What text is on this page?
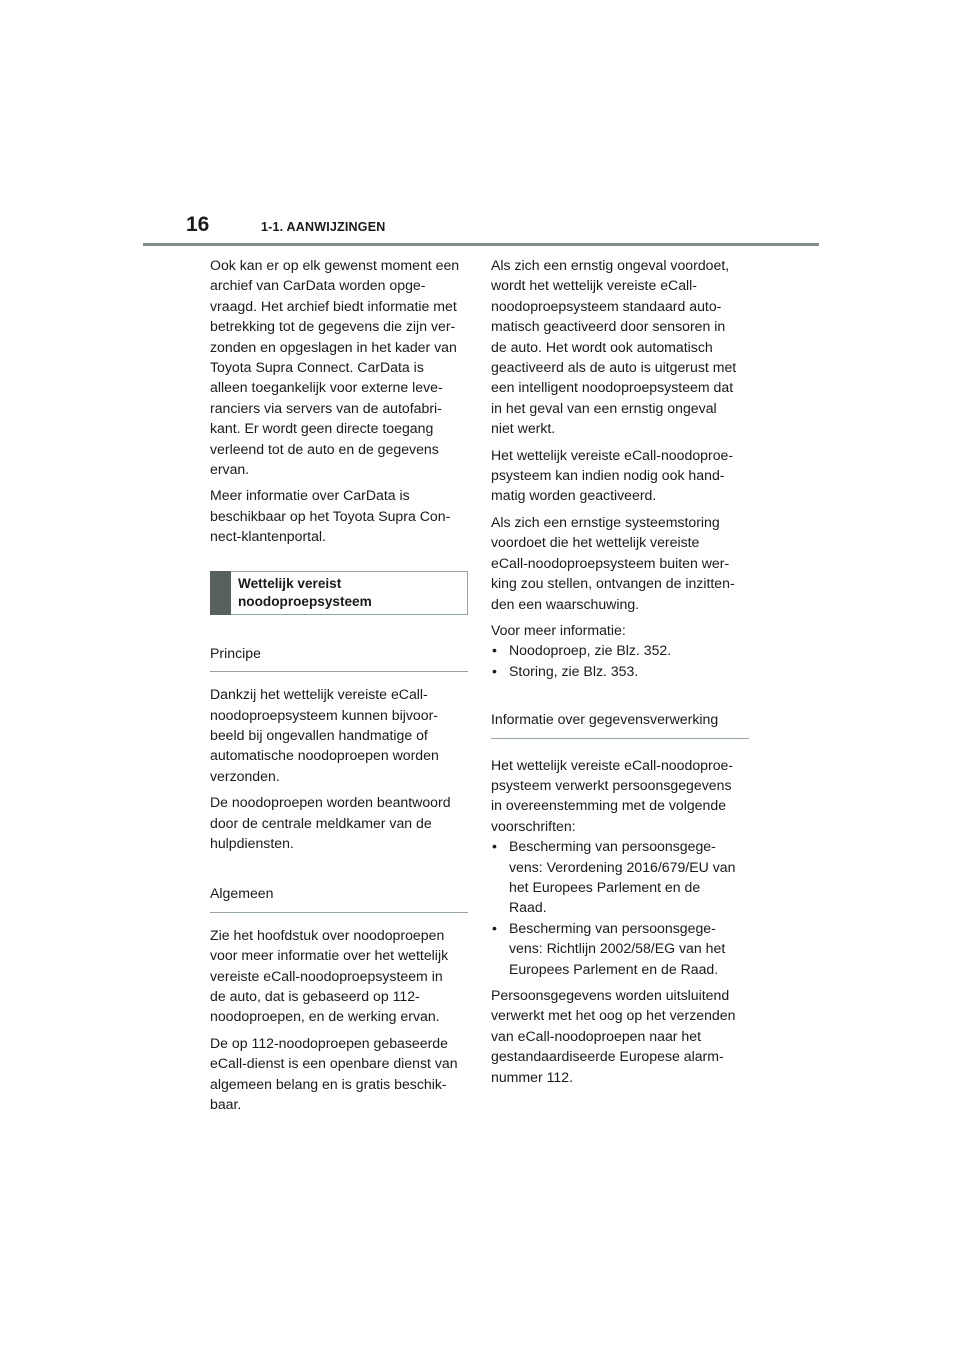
16	1-1. AANWIJZINGEN

Ook kan er op elk gewenst moment een
archief van CarData worden opge-
vraagd. Het archief biedt informatie met
betrekking tot de gegevens die zijn ver-
zonden en opgeslagen in het kader van
Toyota Supra Connect. CarData is
alleen toegankelijk voor externe leve-
ranciers via servers van de autofabri-
kant. Er wordt geen directe toegang
verleend tot de auto en de gegevens
ervan.

Meer informatie over CarData is
beschikbaar op het Toyota Supra Con-
nect-klantenportal.

Wettelijk vereist
noodoproepsysteem
Principe

Dankzij het wettelijk vereiste eCall-
noodoproepsysteem kunnen bijvoor-
beeld bij ongevallen handmatige of
automatische noodoproepen worden
verzonden.

De noodoproepen worden beantwoord
door de centrale meldkamer van de
hulpdiensten.

Algemeen

Zie het hoofdstuk over noodoproepen
voor meer informatie over het wettelijk
vereiste eCall-noodoproepsysteem in
de auto, dat is gebaseerd op 112-
noodoproepen, en de werking ervan.

De op 112-noodoproepen gebaseerde
eCall-dienst is een openbare dienst van
algemeen belang en is gratis beschik-
baar.

Als zich een ernstig ongeval voordoet,
wordt het wettelijk vereiste eCall-
noodoproepsysteem standaard auto-
matisch geactiveerd door sensoren in
de auto. Het wordt ook automatisch
geactiveerd als de auto is uitgerust met
een intelligent noodoproepsysteem dat
in het geval van een ernstig ongeval
niet werkt.

Het wettelijk vereiste eCall-noodoproe-
psysteem kan indien nodig ook hand-
matig worden geactiveerd.

Als zich een ernstige systeemstoring
voordoet die het wettelijk vereiste
eCall-noodoproepsysteem buiten wer-
king zou stellen, ontvangen de inzitten-
den een waarschuwing.

Voor meer informatie:

• Noodoproep, zie Blz. 352.
• Storing, zie Blz. 353.
Informatie over gegevensverwerking

Het wettelijk vereiste eCall-noodoproe-
psysteem verwerkt persoonsgegevens
in overeenstemming met de volgende
voorschriften:

• Bescherming van persoonsgege-
vens: Verordening 2016/679/EU van
het Europees Parlement en de
Raad.
• Bescherming van persoonsgege-
vens: Richtlijn 2002/58/EG van het
Europees Parlement en de Raad.

Persoonsgegevens worden uitsluitend
verwerkt met het oog op het verzenden
van eCall-noodoproepen naar het
gestandaardiseerde Europese alarm-
nummer 112.
